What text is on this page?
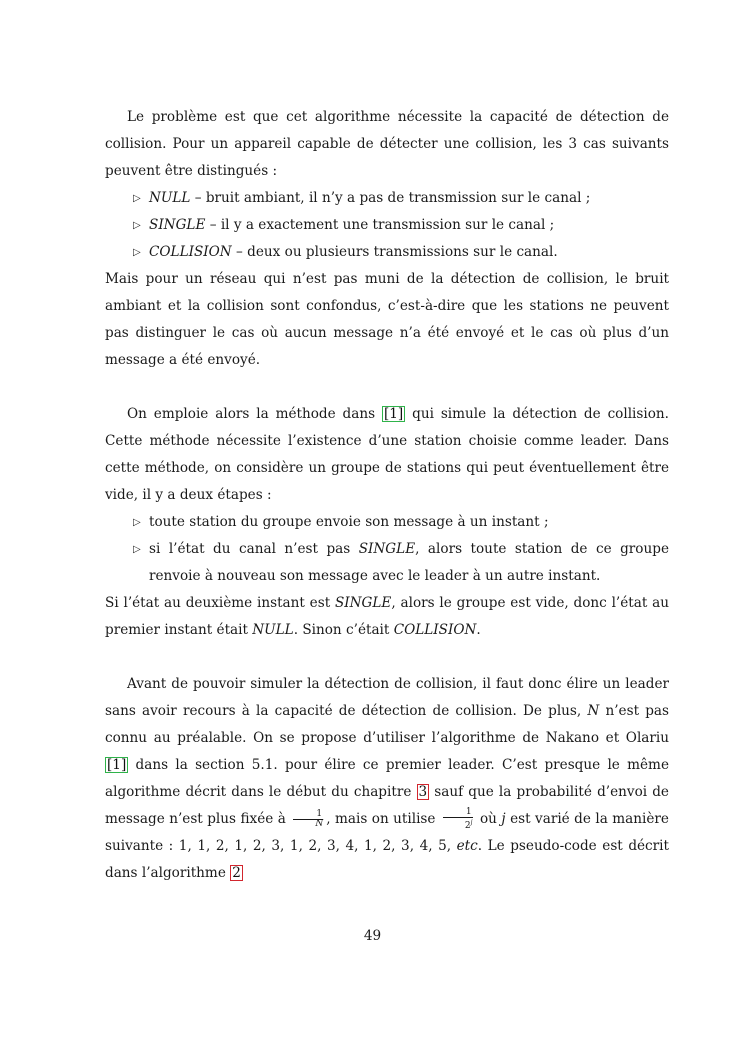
Le problème est que cet algorithme nécessite la capacité de détection de collision. Pour un appareil capable de détecter une collision, les 3 cas suivants peuvent être distingués :

▷ NULL – bruit ambiant, il n’y a pas de transmission sur le canal ;
▷ SINGLE – il y a exactement une transmission sur le canal ;
▷ COLLISION – deux ou plusieurs transmissions sur le canal.

Mais pour un réseau qui n’est pas muni de la détection de collision, le bruit ambiant et la collision sont confondus, c’est-à-dire que les stations ne peuvent pas distinguer le cas où aucun message n’a été envoyé et le cas où plus d’un message a été envoyé.

On emploie alors la méthode dans [1] qui simule la détection de collision. Cette méthode nécessite l’existence d’une station choisie comme leader. Dans cette méthode, on considère un groupe de stations qui peut éventuellement être vide, il y a deux étapes :

▷ toute station du groupe envoie son message à un instant ;
▷ si l’état du canal n’est pas SINGLE, alors toute station de ce groupe renvoie à nouveau son message avec le leader à un autre instant.

Si l’état au deuxième instant est SINGLE, alors le groupe est vide, donc l’état au premier instant était NULL. Sinon c’était COLLISION.

Avant de pouvoir simuler la détection de collision, il faut donc élire un leader sans avoir recours à la capacité de détection de collision. De plus, N n’est pas connu au préalable. On se propose d’utiliser l’algorithme de Nakano et Olariu [1] dans la section 5.1. pour élire ce premier leader. C’est presque le même algorithme décrit dans le début du chapitre 3 sauf que la probabilité d’envoi de message n’est plus fixée à $\frac{1}{N}$ , mais on utilise $\frac{1}{2^j}$ où j est varié de la manière suivante : 1, 1, 2, 1, 2, 3, 1, 2, 3, 4, 1, 2, 3, 4, 5, etc. Le pseudo-code est décrit dans l’algorithme 2

49
